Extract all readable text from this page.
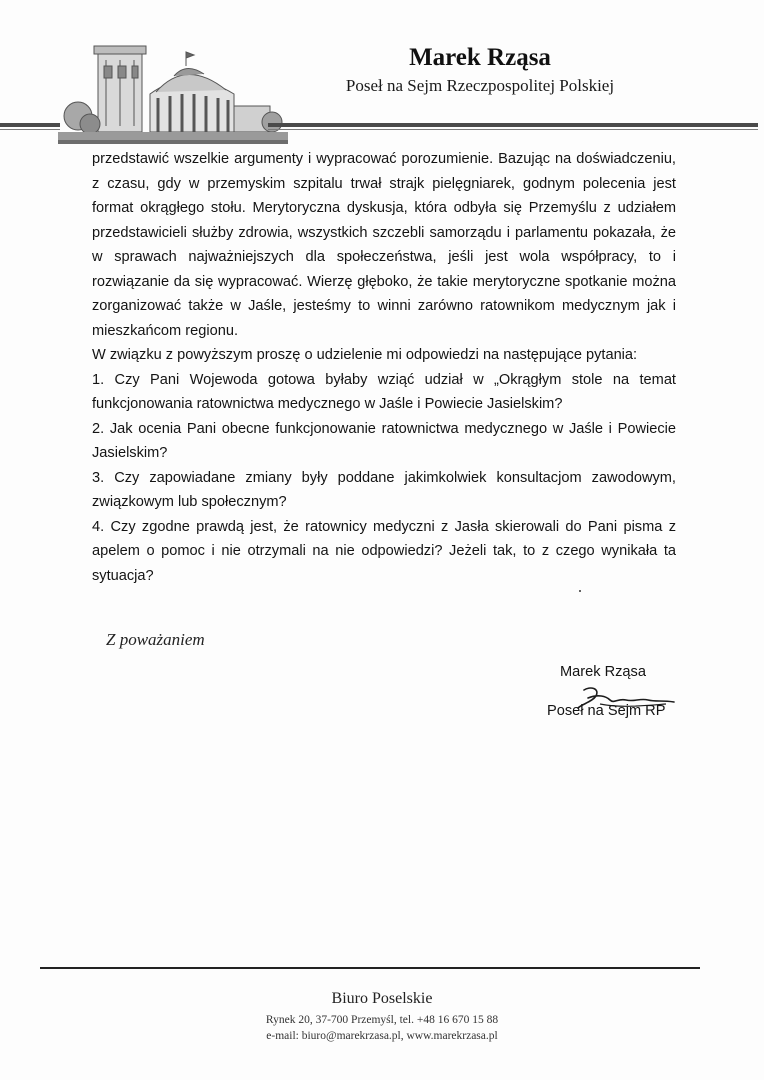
Marek Rząsa
Poseł na Sejm Rzeczpospolitej Polskiej

przedstawić wszelkie argumenty i wypracować porozumienie. Bazując na doświadczeniu, z czasu, gdy w przemyskim szpitalu trwał strajk pielęgniarek, godnym polecenia jest format okrągłego stołu. Merytoryczna dyskusja, która odbyła się Przemyślu z udziałem przedstawicieli służby zdrowia, wszystkich szczebli samorządu i parlamentu pokazała, że w sprawach najważniejszych dla społeczeństwa, jeśli jest wola współpracy, to i rozwiązanie da się wypracować. Wierzę głęboko, że takie merytoryczne spotkanie można zorganizować także w Jaśle, jesteśmy to winni zarówno ratownikom medycznym jak i mieszkańcom regionu.

W związku z powyższym proszę o udzielenie mi odpowiedzi na następujące pytania:

1. Czy Pani Wojewoda gotowa byłaby wziąć udział w „Okrągłym stole na temat funkcjonowania ratownictwa medycznego w Jaśle i Powiecie Jasielskim?

2. Jak ocenia Pani obecne funkcjonowanie ratownictwa medycznego w Jaśle i Powiecie Jasielskim?

3. Czy zapowiadane zmiany były poddane jakimkolwiek konsultacjom zawodowym, związkowym lub społecznym?

4. Czy zgodne prawdą jest, że ratownicy medyczni z Jasła skierowali do Pani pisma z apelem o pomoc i nie otrzymali na nie odpowiedzi? Jeżeli tak, to z czego wynikała ta sytuacja?

Z poważaniem
Marek Rząsa
Poseł na Sejm RP
Biuro Poselskie
Rynek 20, 37-700 Przemyśl, tel. +48 16 670 15 88
e-mail: biuro@marekrzasa.pl, www.marekrzasa.pl
